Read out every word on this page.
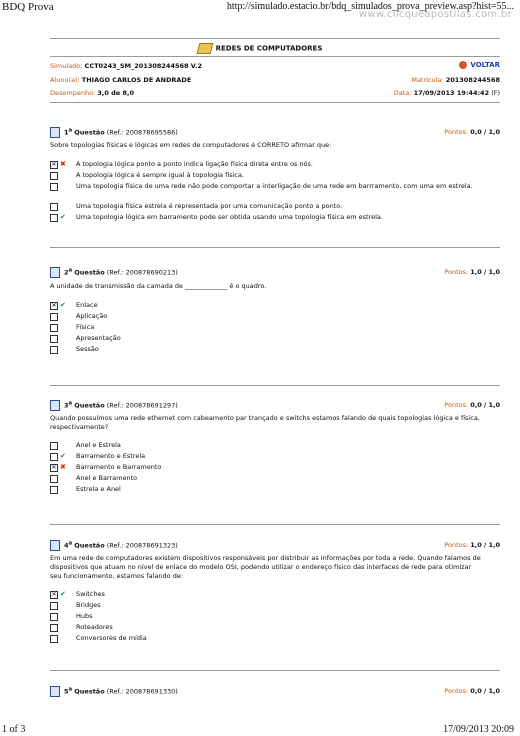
BDQ Prova	http://simulado.estacio.br/bdq_simulados_prova_preview.asp?hist=55...
www.clicqueapostilas.com.br
1 of 3	17/09/2013 20:09
REDES DE COMPUTADORES
Simulado: CCT0243_SM_201308244568 V.2	VOLTAR
Aluno(a): THIAGO CARLOS DE ANDRADE	Matrícula: 201308244568
Desempenho: 3,0 de 8,0	Data: 17/09/2013 19:44:42 (F)
1$^a$ Questão (Ref.: 200878695586)	Pontos: 0,0 / 1,0
Sobre topologias físicas e lógicas em redes de computadores é CORRETO afirmar que:
✕ ✖ A topologia lógica ponto a ponto indica ligação física direta entre os nós.
A topologia lógica é sempre igual à topologia física.
Uma topologia física de uma rede não pode comportar a interligação de uma rede em barrramento, com uma em estrela.
Uma topologia física estrela é representada por uma comunicação ponto a ponto.
✔ Uma topologia lógica em barramento pode ser obtida usando uma topologia física em estrela.
2$^a$ Questão (Ref.: 200878690213)	Pontos: 1,0 / 1,0
A unidade de transmissão da camada de _____________ é o quadro.
✕ ✔ Enlace
Aplicação
Física
Apresentação
Sessão
3$^a$ Questão (Ref.: 200878691297)	Pontos: 0,0 / 1,0
Quando possuímos uma rede ethernet com cabeamento par trançado e switchs estamos falando de quais topologias lógica e física, respectivamente?
Anel e Estrela
✔ Barramento e Estrela
✕ ✖ Barramento e Barramento
Anel e Barramento
Estrela e Anel
4$^a$ Questão (Ref.: 200878691323)	Pontos: 1,0 / 1,0
Em uma rede de computadores existem dispositivos responsáveis por distribuir as informações por toda a rede. Quando falamos de dispositivos que atuam no nível de enlace do modelo OSI, podendo utilizar o endereço físico das interfaces de rede para otimizar seu funcionamento, estamos falando de:
✕ ✔ Switches
Bridges
Hubs
Roteadores
Conversores de mídia
5$^a$ Questão (Ref.: 200878691330)	Pontos: 0,0 / 1,0
